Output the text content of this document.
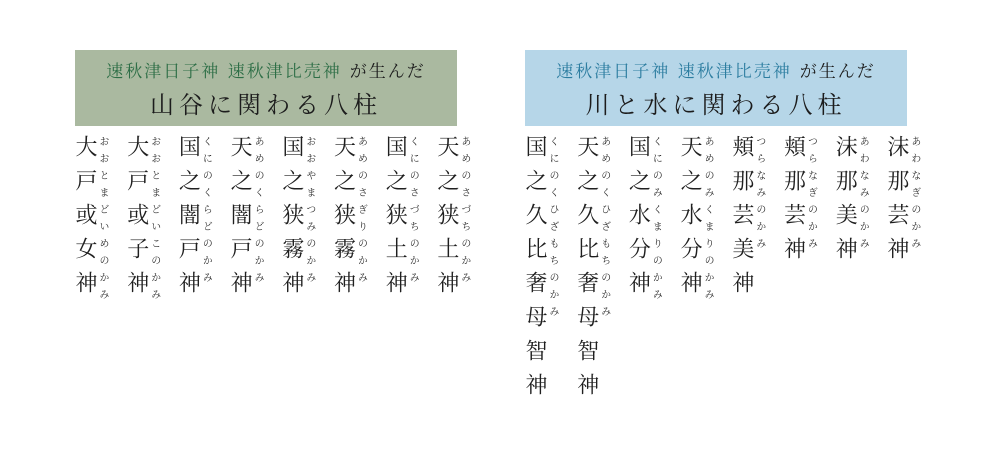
速秋津日子神 速秋津比売神 が生んだ
山谷に関わる八柱
天之狭土神 あめのさづちのかみ
国之狭土神 くにのさづちのかみ
天之狭霧神 あめのさぎりのかみ
国之狭霧神 おおやまつみのかみ
天之闇戸神 あめのくらどのかみ
国之闇戸神 くにのくらどのかみ
大戸或子神 おおとまどいこのかみ
大戸或女神 おおとまどいめのかみ
速秋津日子神 速秋津比売神 が生んだ
川と水に関わる八柱
沫那芸神 あわなぎのかみ
沫那美神 あわなみのかみ
頬那芸神 つらなぎのかみ
頬那芸美神 つらなみのかみ
天之水分神 あめのみくまりのかみ
国之水分神 くにのみくまりのかみ
天之久比奢母智神 あめのくひざもちのかみ
国之久比奢母智神 くにのくひざもちのかみ
